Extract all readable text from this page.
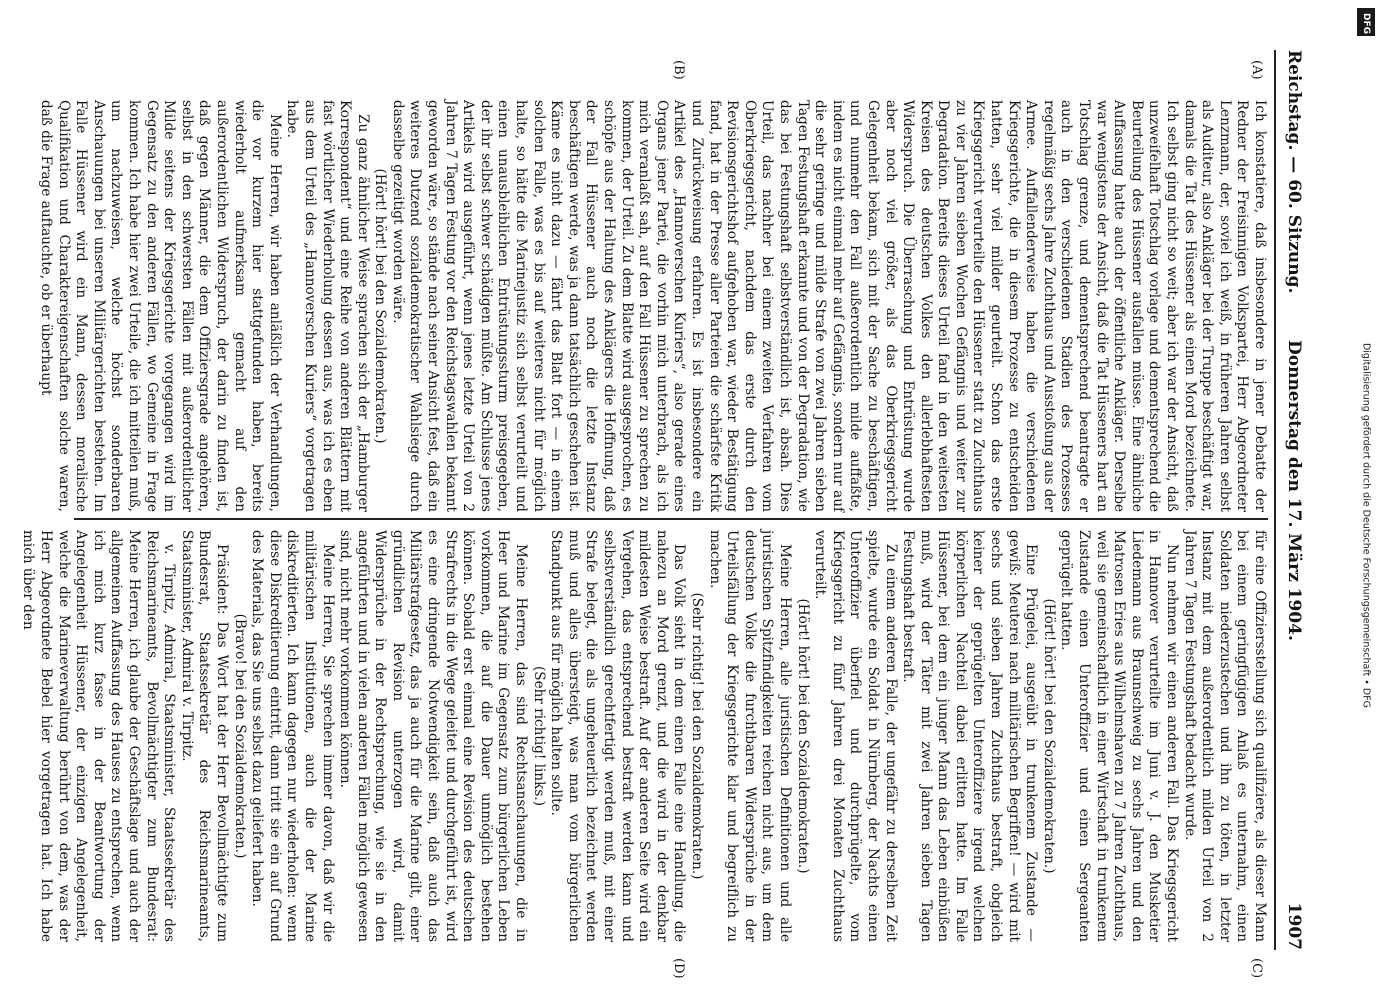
Reichstag. — 60. Sitzung.
Donnerstag den 17. März 1904.
1907
(A)
(B)
(C)
(D)

Ich konstatiere, daß insbesondere in jener Debatte der Redner der Freisinnigen Volkspartei, Herr Abgeordneter Lenzmann, der, soviel ich weiß, in früheren Jahren selbst als Auditeur, also Ankläger bei der Truppe beschäftigt war, damals die Tat des Hüssener als einen Mord bezeichnete. Ich selbst ging nicht so weit; aber ich war der Ansicht, daß unzweifelhaft Totschlag vorlage und dementsprechend die Beurteilung des Hüssener ausfallen müsse. Eine ähnliche Auffassung hatte auch der öffentliche Ankläger. Derselbe war wenigstens der Ansicht, daß die Tat Hüsseners hart an Totschlag grenze, und dementsprechend beantragte er auch in den verschiedenen Stadien des Prozesses regelmäßig sechs Jahre Zuchthaus und Ausstoßung aus der Armee. Auffallenderweise haben die verschiedenen Kriegsgerichte, die in diesem Prozesse zu entscheiden hatten, sehr viel milder geurteilt. Schon das erste Kriegsgericht verurteilte den Hüssener statt zu Zuchthaus zu vier Jahren sieben Wochen Gefängnis und weiter zur Degradation. Bereits dieses Urteil fand in den weitesten Kreisen des deutschen Volkes den allerlebhaftesten Widerspruch. Die Überraschung und Entrüstung wurde aber noch viel größer, als das Oberkriegsgericht Gelegenheit bekam, sich mit der Sache zu beschäftigen, und nunmehr den Fall außerordentlich milde auffaßte, indem es nicht einmal mehr auf Gefängnis, sondern nur auf die sehr geringe und milde Strafe von zwei Jahren sieben Tagen Festungshaft erkannte und von der Degradation, wie das bei Festungshaft selbstverständlich ist, absah. Dies Urteil, das nachher bei einem zweiten Verfahren vom Oberkriegsgericht, nachdem das erste durch den Revisionsgerichtshof aufgehoben war, wieder Bestätigung fand, hat in der Presse aller Parteien die schärfste Kritik und Zurückweisung erfahren. Es ist insbesondere ein Artikel des „Hannoverschen Kuriers“, also gerade eines Organs jener Partei, die vorhin mich unterbrach, als ich mich veranlaßt sah, auf den Fall Hüssener zu sprechen zu kommen, der Urteil. Zu dem Blatte wird ausgesprochen, es schöpfe aus der Haltung des Anklägers die Hoffnung, daß der Fall Hüssener auch noch die letzte Instanz beschäftigen werde, was ja dann tatsächlich geschehen ist. Käme es nicht dazu — fährt das Blatt fort — in einem solchen Falle, was es bis auf weiteres nicht für möglich halte, so hätte die Marinejustiz sich selbst verurteilt und einen unausbleiblichen Entrüstungssturm preisgegeben, der ihr selbst schwer schädigen müßte. Am Schlusse jenes Artikels wird ausgeführt, wenn jenes letzte Urteil von 2 Jahren 7 Tagen Festung vor den Reichstagswahlen bekannt geworden wäre, so stände nach seiner Ansicht fest, daß ein weiteres Dutzend sozialdemokratischer Wahlsiege durch dasselbe gezeitigt worden wäre.

(Hört! hört! bei den Sozialdemokraten.)

Zu ganz ähnlicher Weise sprachen sich der „Hamburger Korrespondent“ und eine Reihe von anderen Blättern mit fast wörtlicher Wiederholung dessen aus, was ich es eben aus dem Urteil des „Hannoverschen Kuriers“ vorgetragen habe.

Meine Herren, wir haben anläßlich der Verhandlungen, die vor kurzem hier stattgefunden haben, bereits wiederholt aufmerksam gemacht auf den außerordentlichen Widerspruch, der darin zu finden ist, daß gegen Männer, die dem Offiziersgrade angehören, selbst in den schwersten Fällen mit außerordentlicher Milde seitens der Kriegsgerichte vorgegangen wird im Gegensatz zu den anderen Fällen, wo Gemeine in Frage kommen. Ich habe hier zwei Urteile, die ich mitteilen muß, um nachzuweisen, welche höchst sonderbaren Anschauungen bei unseren Militärgerichten bestehen. Im Falle Hüssener wird ein Mann, dessen moralische Qualifikation und Charaktereigenschaften solche waren, daß die Frage auftauchte, ob er überhaupt

für eine Offiziersstellung sich qualifiziere, als dieser Mann bei einem geringfügigen Anlaß es unternahm, einen Soldaten niederzustechen und ihn zu töten, in letzter Instanz mit dem außerordentlich milden Urteil von 2 Jahren 7 Tagen Festungshaft bedacht wurde.

Nun nehmen wir einen anderen Fall. Das Kriegsgericht in Hannover verurteilte im Juni v. J. den Musketier Liedemann aus Braunschweig zu sechs Jahren und den Matrosen Eries aus Wilhelmshaven zu 7 Jahren Zuchthaus, weil sie gemeinschaftlich in einer Wirtschaft in trunkenem Zustande einen Unteroffizier und einen Sergeanten geprügelt hatten.

(Hört! hört! bei den Sozialdemokraten.)

Eine Prügelei, ausgeübt in trunkenem Zustande — gewiß: Meuterei nach militärischen Begriffen! — wird mit sechs und sieben Jahren Zuchthaus bestraft, obgleich keiner der geprügelten Unteroffiziere irgend welchen körperlichen Nachteil dabei erlitten hatte. Im Falle Hüssener, bei dem ein junger Mann das Leben einbüßen muß, wird der Täter mit zwei Jahren sieben Tagen Festungshaft bestraft.

Zu einem anderen Falle, der ungefähr zu derselben Zeit spielte, wurde ein Soldat in Nürnberg, der Nachts einen Unteroffizier überfiel und durchprügelte, vom Kriegsgericht zu fünf Jahren drei Monaten Zuchthaus verurteilt.

(Hört! hört! bei den Sozialdemokraten.)

Meine Herren, alle juristischen Definitionen und alle juristischen Spitzfindigkeiten reichen nicht aus, um dem deutschen Volke die furchtbaren Widersprüche in der Urteilsfällung der Kriegsgerichte klar und begreiflich zu machen.

(Sehr richtig! bei den Sozialdemokraten.)

Das Volk sieht in dem einen Falle eine Handlung, die nahezu an Mord grenzt, und die wird in der denkbar mildesten Weise bestraft. Auf der anderen Seite wird ein Vergehen, das entsprechend bestraft werden kann und selbstverständlich gerechtfertigt werden muß, mit einer Strafe belegt, die als ungeheuerlich bezeichnet werden muß und alles übersteigt, was man vom bürgerlichen Standpunkt aus für möglich halten sollte.

(Sehr richtig! links.)

Meine Herren, das sind Rechtsanschauungen, die in Heer und Marine im Gegensatz zum bürgerlichen Leben vorkommen, die auf die Dauer unmöglich bestehen können. Sobald erst einmal eine Revision des deutschen Strafrechts in die Wege geleitet und durchgeführt ist, wird es eine dringende Notwendigkeit sein, daß auch das Militärstrafgesetz, das ja auch für die Marine gilt, einer gründlichen Revision unterzogen wird, damit Widersprüche in der Rechtsprechung, wie sie in den angeführten und in vielen anderen Fällen möglich gewesen sind, nicht mehr vorkommen können.

Meine Herren, Sie sprechen immer davon, daß wir die militärischen Institutionen, auch die der Marine diskreditierten. Ich kann dagegen nur wiederholen: wenn diese Diskreditierung eintritt, dann tritt sie ein auf Grund des Materials, das Sie uns selbst dazu geliefert haben.

(Bravo! bei den Sozialdemokraten.)

Präsident: Das Wort hat der Herr Bevollmächtigte zum Bundesrat, Staatssekretär des Reichsmarineamts, Staatsminister, Admiral v. Tirpitz.

v. Tirpitz, Admiral, Staatsminister, Staatssekretär des Reichsmarineamts, Bevollmächtigter zum Bundesrat: Meine Herren, ich glaube der Geschäftslage und auch der allgemeinen Auffassung des Hauses zu entsprechen, wenn ich mich kurz fasse in der Beantwortung der Angelegenheit Hüssener, der einzigen Angelegenheit, welche die Marineverwaltung berührt von dem, was der Herr Abgeordnete Bebel hier vorgetragen hat. Ich habe mich über den

DFG
Digitalisierung gefördert durch die Deutsche Forschungsgemeinschaft • DFG
